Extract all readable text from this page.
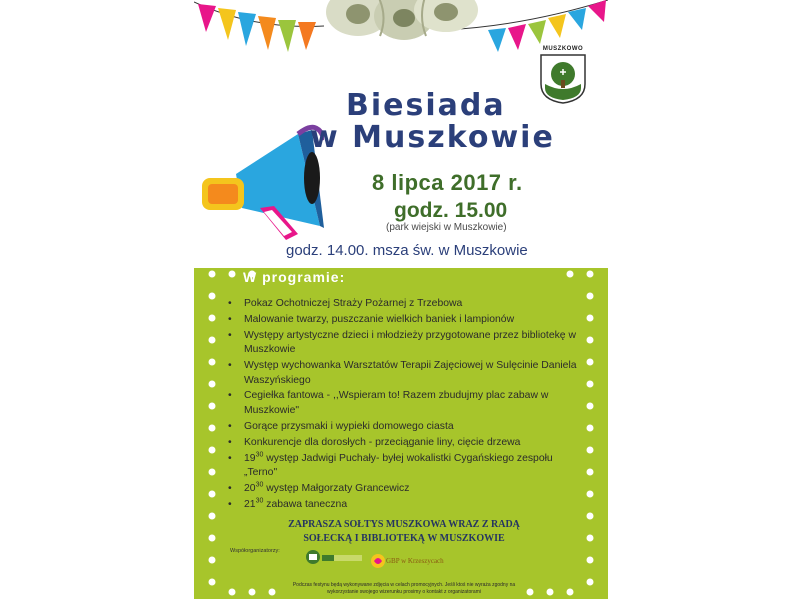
MUSZKOWO
Biesiada
w Muszkowie
8 lipca 2017 r.
godz. 15.00
(park wiejski w Muszkowie)
godz. 14.00. msza św. w Muszkowie
W programie:
• Pokaz Ochotniczej Straży Pożarnej z Trzebowa
• Malowanie twarzy, puszczanie wielkich baniek i lampionów
• Występy artystyczne dzieci i młodzieży przygotowane przez bibliotekę w Muszkowie
• Występ wychowanka Warsztatów Terapii Zajęciowej w Sulęcinie Daniela Waszyńskiego
• Cegiełka fantowa - ,,Wspieram to! Razem zbudujmy plac zabaw w Muszkowie"
• Gorące przysmaki i wypieki domowego ciasta
• Konkurencje dla dorosłych - przeciąganie liny, cięcie drzewa
• $19^{30}$ występ Jadwigi Puchały- byłej wokalistki Cygańskiego zespołu „Terno"
• $20^{30}$ występ Małgorzaty Grancewicz
• $21^{30}$ zabawa taneczna
ZAPRASZA SOŁTYS MUSZKOWA WRAZ Z RADĄ
SOŁECKĄ I BIBLIOTEKĄ W MUSZKOWIE
Współorganizatorzy:
GBP w Krzeszycach
Podczas festynu będą wykonywane zdjęcia w celach promocyjnych. Jeśli ktoś nie wyraża zgodny na
wykorzystanie swojego wizerunku prosimy o kontakt z organizatorami
